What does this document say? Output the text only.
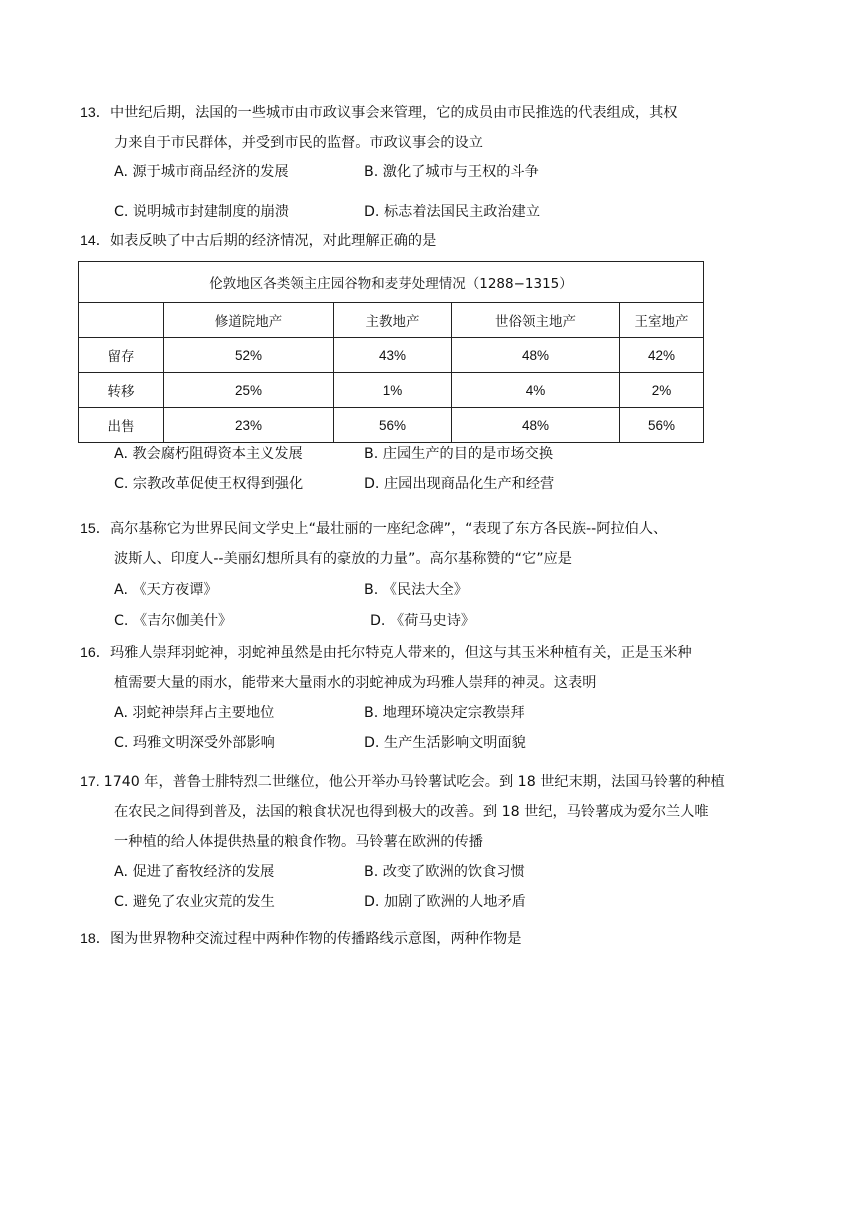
13．中世纪后期，法国的一些城市由市政议事会来管理，它的成员由市民推选的代表组成，其权
力来自于市民群体，并受到市民的监督。市政议事会的设立
A. 源于城市商品经济的发展	B. 激化了城市与王权的斗争
C. 说明城市封建制度的崩溃	D. 标志着法国民主政治建立
14．如表反映了中古后期的经济情况，对此理解正确的是
伦敦地区各类领主庄园谷物和麦芽处理情况（1288−1315）				
	修道院地产	主教地产	世俗领主地产	王室地产
留存	52%	43%	48%	42%
转移	25%	1%	4%	2%
出售	23%	56%	48%	56%
A. 教会腐朽阻碍资本主义发展	B. 庄园生产的目的是市场交换
C. 宗教改革促使王权得到强化	D. 庄园出现商品化生产和经营
15．高尔基称它为世界民间文学史上“最壮丽的一座纪念碑”，“表现了东方各民族--阿拉伯人、
波斯人、印度人--美丽幻想所具有的豪放的力量”。高尔基称赞的“它”应是
A. 《天方夜谭》	B. 《民法大全》
C. 《吉尔伽美什》	D. 《荷马史诗》
16．玛雅人崇拜羽蛇神，羽蛇神虽然是由托尔特克人带来的，但这与其玉米种植有关，正是玉米种
植需要大量的雨水，能带来大量雨水的羽蛇神成为玛雅人崇拜的神灵。这表明
A. 羽蛇神崇拜占主要地位	B. 地理环境决定宗教崇拜
C. 玛雅文明深受外部影响	D. 生产生活影响文明面貌
17. 1740 年，普鲁士腓特烈二世继位，他公开举办马铃薯试吃会。到 18 世纪末期，法国马铃薯的种植
在农民之间得到普及，法国的粮食状况也得到极大的改善。到 18 世纪，马铃薯成为爱尔兰人唯
一种植的给人体提供热量的粮食作物。马铃薯在欧洲的传播
A. 促进了畜牧经济的发展	B. 改变了欧洲的饮食习惯
C. 避免了农业灾荒的发生	D. 加剧了欧洲的人地矛盾
18．图为世界物种交流过程中两种作物的传播路线示意图，两种作物是
